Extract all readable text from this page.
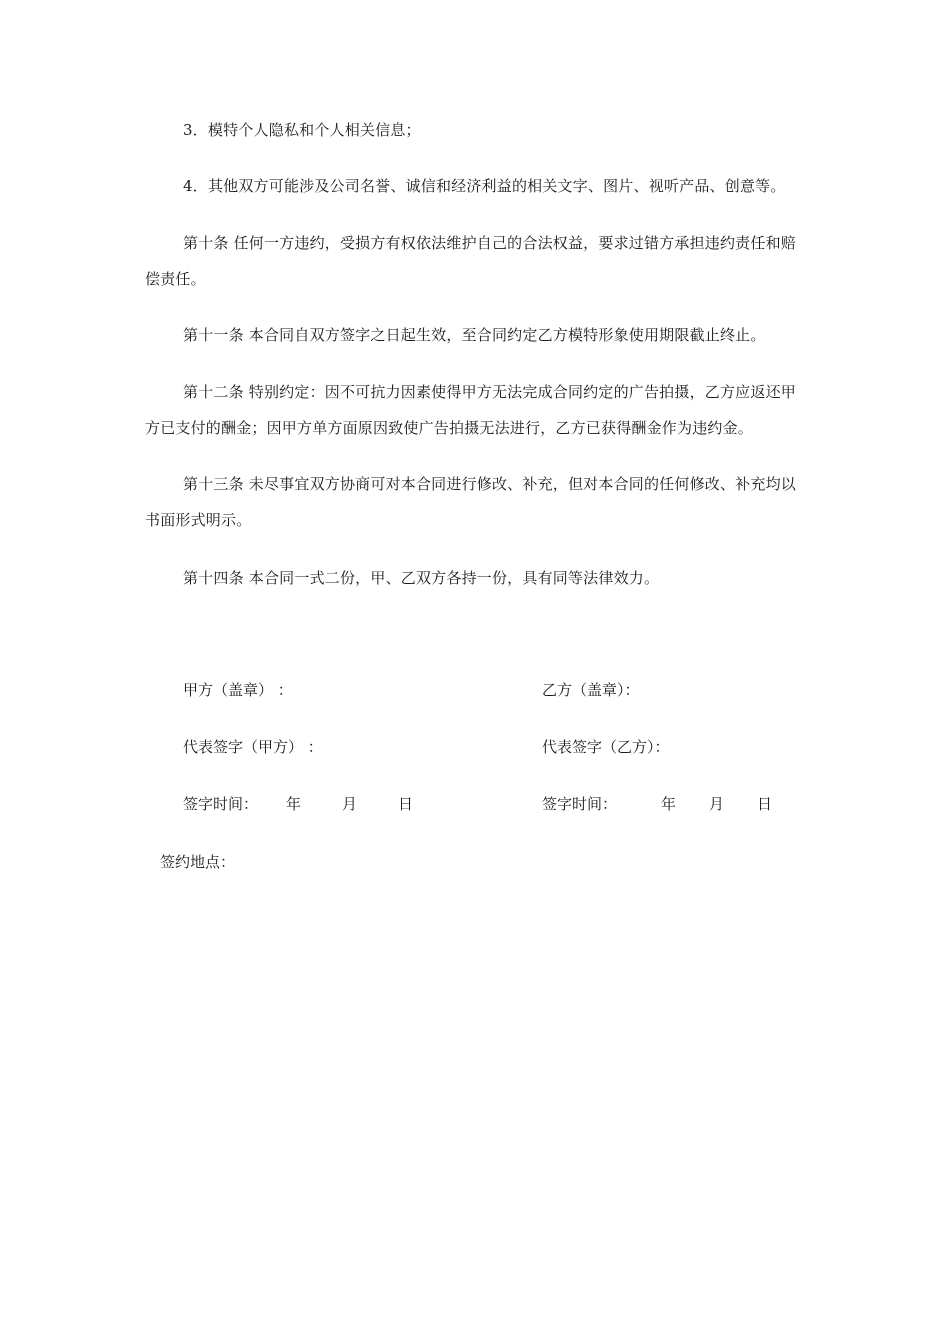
3．模特个人隐私和个人相关信息；

4．其他双方可能涉及公司名誉、诚信和经济利益的相关文字、图片、视听产品、创意等。

第十条 任何一方违约，受损方有权依法维护自己的合法权益，要求过错方承担违约责任和赔偿责任。

第十一条 本合同自双方签字之日起生效，至合同约定乙方模特形象使用期限截止终止。

第十二条 特别约定：因不可抗力因素使得甲方无法完成合同约定的广告拍摄，乙方应返还甲方已支付的酬金；因甲方单方面原因致使广告拍摄无法进行，乙方已获得酬金作为违约金。

第十三条 未尽事宜双方协商可对本合同进行修改、补充，但对本合同的任何修改、补充均以书面形式明示。

第十四条 本合同一式二份，甲、乙双方各持一份，具有同等法律效力。

甲方（盖章） ：	乙方（盖章）：
代表签字（甲方） ：	代表签字（乙方）：
签字时间： 年	月	日	签字时间：	年 月 日
签约地点：
